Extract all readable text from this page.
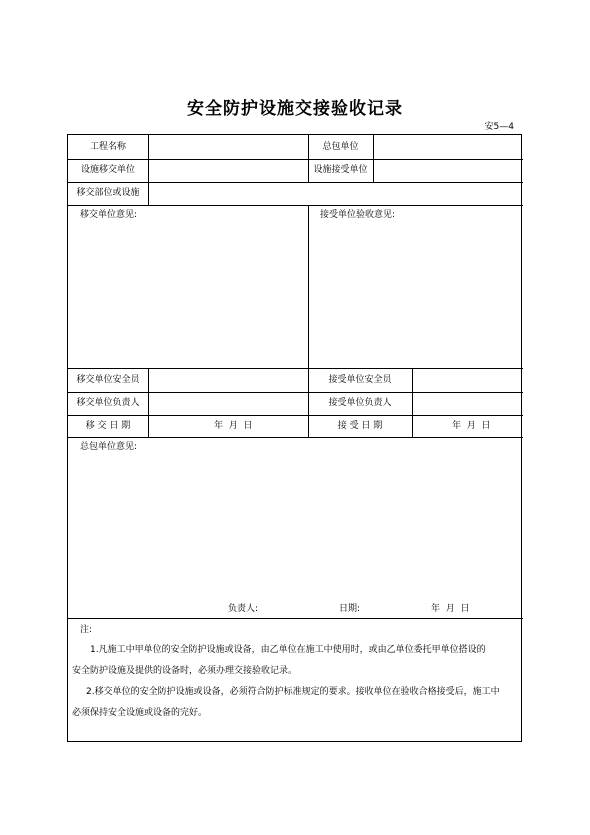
安全防护设施交接验收记录
安5—4
工程名称	总包单位
设施移交单位	设施接受单位
移交部位或设施
移交单位意见:	接受单位验收意见:
移交单位安全员	接受单位安全员
移交单位负责人	接受单位负责人
移 交 日 期	年  月  日	接 受 日 期	年  月  日
总包单位意见:
负责人:	日期:	年  月  日
注:
1.凡施工中甲单位的安全防护设施或设备，由乙单位在施工中使用时，或由乙单位委托甲单位搭设的
安全防护设施及提供的设备时，必须办理交接验收记录。
2.移交单位的安全防护设施或设备，必须符合防护标准规定的要求。接收单位在验收合格接受后，施工中
必须保持安全设施或设备的完好。
